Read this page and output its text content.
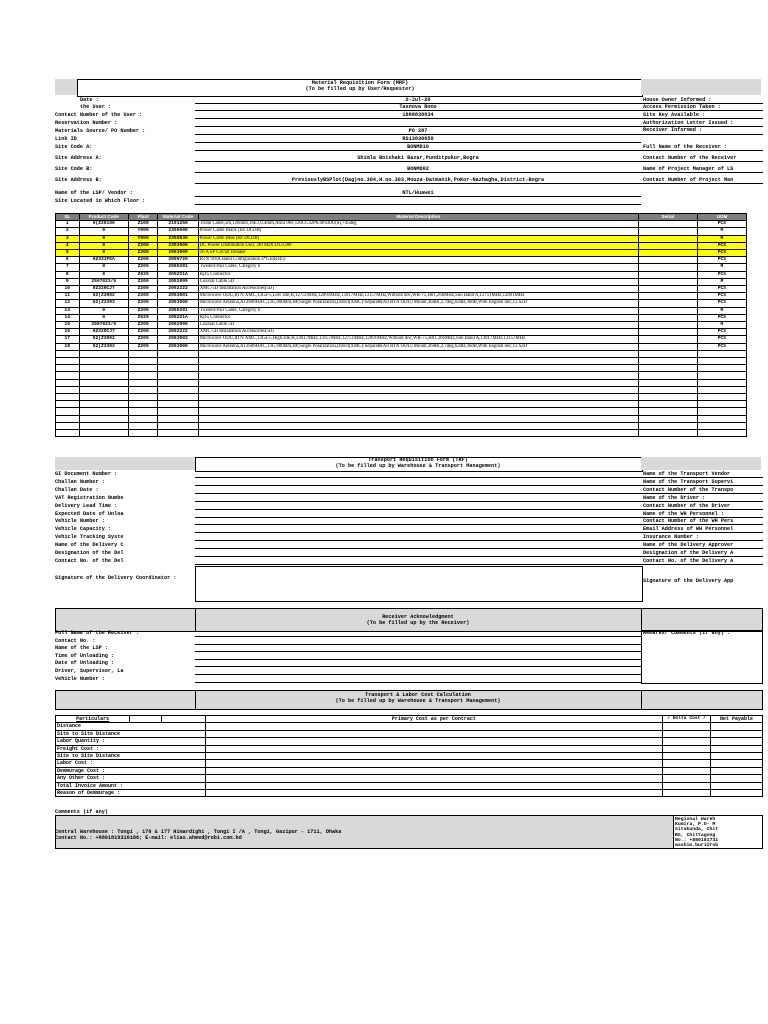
Material Requisition Form (MRF)
(To be filled up by User/Requester)
Date :	2-Jul-20
the User :	Tasnova Rono
Contact Number of the User :	1888838834
Reservation Number :
Materials Source/ PO Number :	PO 287
Link ID	RS13830659
Site Code A:	BONMD10
Site Address A:	Shimla Boishaki Bazar,Punditpukur,Bogra
Site Code B:	BONMD02
Site Address B:	PreviouslyBSPlot(Dag)no.304,H.no.303,Mouza-Datmanik,PoKor-Nazhagha,District-Bogra
Name of the LSP/ Vendor :	NTL/Huawei
Site Located in Which Floor :
House Owner Informed :
Access Permission Taken :
Site Key Available :
Authorization Letter Issued :
Receiver Informed :
Full Name of the Receiver :
Contact Number of the Receiver
Name of Project Manager of LS
Contact Number of Project Man
SL	Product Code	Plant	Material Code	Material Description	Serial	UOM	
1	0(Z20100	Z100	2191250	Trunk Cable,5m,120ohm,16E1,0.4mm,Anca 96F,120CC32P0.4P430U(S),+45deg		PCS	
2	0	Y000	2350500	Power Cable Black (for DCDB)		M	
3	0	Y000	2350535	Power Cable Blue (for DCDB)		M	
4	0	Z200	2353509	DC Power Distribution Unit, 3I0 MDCDU1280		PCS	
5	0	Z200	2053000	16 A SP Circuit Breaker		PCS	
6	0Z331FEA	Z200	2059720	RTN 910A Band Configuration 4*GE(RJ45)		PCS	
7	0	Z200	2055291	Twisted-Pair Cable, Category 6		M	
8	0	Z020	2052S1A	Rj45 Connector		PCS	
9	2507023/5	Z200	2052099	Coaxial Cable 5D		M	
10	0Z220CJ7	Z200	2052222	XMC-5D Installation Accessories(5D)		PCS	
11	52(Z3002	Z200	2053001	Microwave ODU,RTN XMC,13Ga-5,Low site,H,12751MHz,12891MHz,15017MHz,13157MHz,Without doc,WR-75,H01,266MHz,Sub Band A,12751MHz,12891MHz		PCS	
12	52(Z3393	Z200	2053000	Microwave Antenna,A13S06HAC,13G,600mm,HP,Single Polarization,Direct(XMC)-Separate(All RTN ODU) Mount,36dBi,2.7deg,62dB,36dB,With English doc,13 S2D		PCS	
13	0	Z200	2055291	Twisted-Pair Cable, Category 6		M	
14	0	Z020	2052S1A	Rj45 Connector		PCS	
15	2507023/5	Z200	2052099	Coaxial Cable 5D		M	
16	0Z220CJ7	Z200	2052222	XMC-5D Installation Accessories(5D)		PCS	
17	52(Z3002	Z200	2053002	Microwave ODU,RTN XMC,13Ga-5,High site,H,13017MHz,13157MHz,12751MHz,12891MHz,Without doc,WR-75,H01,266MHz,Sub Band A,13017MHz,13157MHz		PCS	
18	52(Z3393	Z200	2053000	Microwave Antenna,A13S06HAC,13G,600mm,HP,Single Polarization,Direct(XMC)-Separate(All RTN ODU) Mount,36dBi,2.7deg,62dB,36dB,With English doc,13 S2D		PCS	

Transport Requisition Form (TRF)
(To be filled up by Warehouse & Transport Management)
GI Document Number :
Challan Number :
Challan Date :
VAT Registration Numbe
Delivery Lead Time :
Expected Date of Unloa
Vehicle Number :
Vehicle Capacity :
Vehicle Tracking Syste
Name of the Delivery C
Designation of the Del
Contact No. of the Del
Name of the Transport Vendor
Name of the Transport Supervi
Contact Number of the Transpo
Name of the Driver :
Contact Number of the Driver
Name of the WH Personnel :
Contact Number of the WH Pers
Email Address of WH Personnel
Insurance Number :
Name of the Delivery Approver
Designation of the Delivery A
Contact No. of the Delivery A
Signature of the Delivery Coordinator :	Signature of the Delivery App
Receiver Acknowledgment
(To be filled up by the Receiver)
Full Name of the Receiver :
Contact No. :
Name of the LSP :
Time of Unloading :
Date of Unloading :
Driver, Supervisor, La
Vehicle Number :
Remarks/ Comments (if any) :
Transport & Labor Cost Calculation
(To be filled up by Warehouse & Transport Management)
Particulars			Primary Cost as per Contract	/ Dolta Cost /	Net Payable
Distance					
Site to Site Distance					
Labor Quantity :					
Freight Cost :					
Site to Site Distance					
Labor Cost :					
Demmurage Cost :					
Any Other Cost :					
Total Invoice Amount :					
Reason of Demmurage :					
Comments (if any)
Central Warehouse : Tongi , 176 & 177 Himardighi , Tongi I /A , Tongi, Gazipur - 1711, Dhaka
Contact No.: +8801819310186; E-mail: elias.ahmed@robi.com.bd
Regional Wareh
Kumira, P.O- M
Sitakunda, Chit
BS, Chittagong
No.: +880181731
mashim.buri@rob
